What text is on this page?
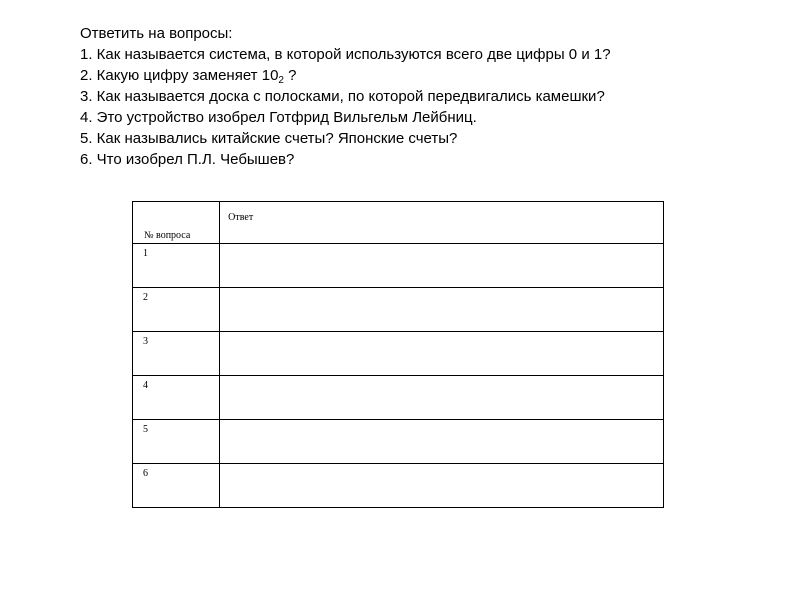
Ответить на вопросы:
1. Как называется система, в которой используются всего две цифры 0 и 1?
2. Какую цифру заменяет $10_2$ ?
3. Как называется доска с полосками, по которой передвигались камешки?
4. Это устройство изобрел Готфрид Вильгельм Лейбниц.
5. Как назывались китайские счеты? Японские счеты?
6. Что изобрел П.Л. Чебышев?
№ вопроса	Ответ

1	

2	

3	

4	

5	

6	
